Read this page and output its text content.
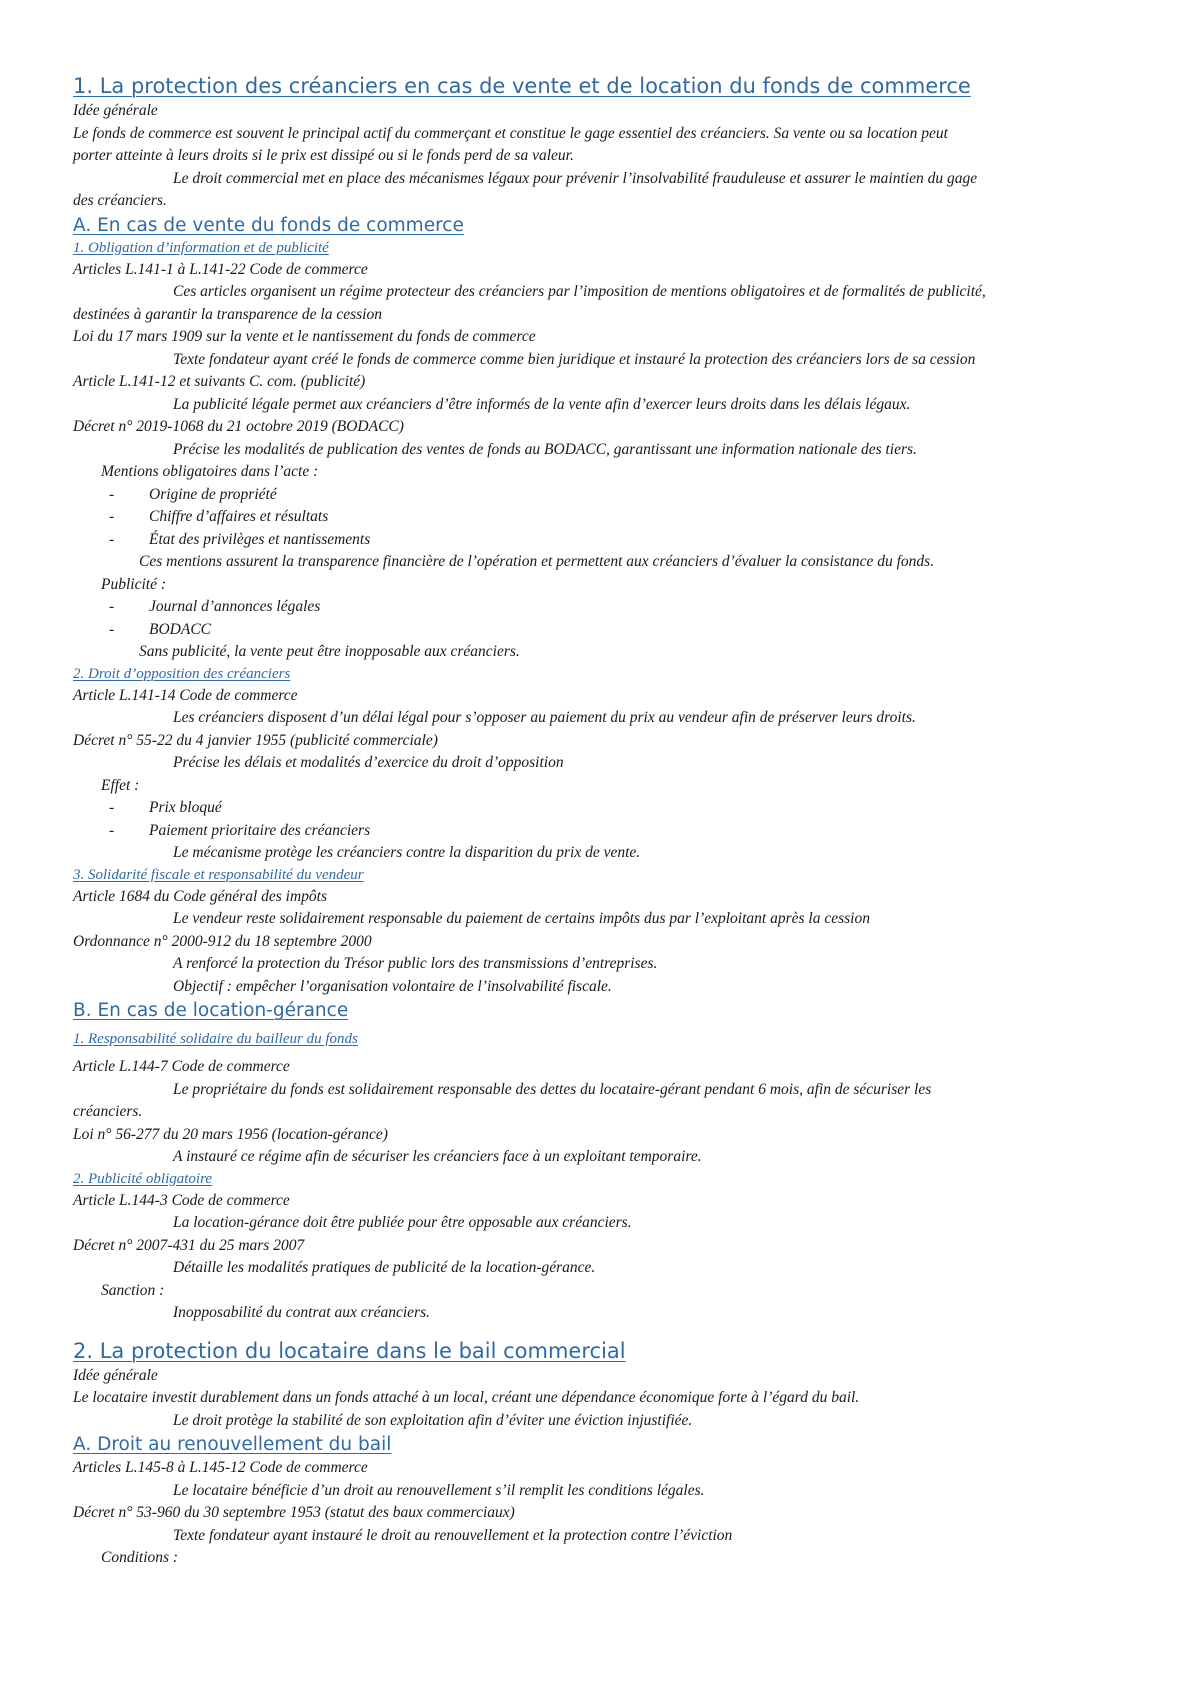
1. La protection des créanciers en cas de vente et de location du fonds de commerce
Idée générale
Le fonds de commerce est souvent le principal actif du commerçant et constitue le gage essentiel des créanciers. Sa vente ou sa location peut
porter atteinte à leurs droits si le prix est dissipé ou si le fonds perd de sa valeur.
Le droit commercial met en place des mécanismes légaux pour prévenir l’insolvabilité frauduleuse et assurer le maintien du gage
des créanciers.
A. En cas de vente du fonds de commerce
1. Obligation d’information et de publicité
Articles L.141-1 à L.141-22 Code de commerce
Ces articles organisent un régime protecteur des créanciers par l’imposition de mentions obligatoires et de formalités de publicité,
destinées à garantir la transparence de la cession
Loi du 17 mars 1909 sur la vente et le nantissement du fonds de commerce
Texte fondateur ayant créé le fonds de commerce comme bien juridique et instauré la protection des créanciers lors de sa cession
Article L.141-12 et suivants C. com. (publicité)
La publicité légale permet aux créanciers d’être informés de la vente afin d’exercer leurs droits dans les délais légaux.
Décret n° 2019-1068 du 21 octobre 2019 (BODACC)
Précise les modalités de publication des ventes de fonds au BODACC, garantissant une information nationale des tiers.
Mentions obligatoires dans l’acte :
- Origine de propriété
- Chiffre d’affaires et résultats
- État des privilèges et nantissements
Ces mentions assurent la transparence financière de l’opération et permettent aux créanciers d’évaluer la consistance du fonds.
Publicité :
- Journal d’annonces légales
- BODACC
Sans publicité, la vente peut être inopposable aux créanciers.
2. Droit d’opposition des créanciers
Article L.141-14 Code de commerce
Les créanciers disposent d’un délai légal pour s’opposer au paiement du prix au vendeur afin de préserver leurs droits.
Décret n° 55-22 du 4 janvier 1955 (publicité commerciale)
Précise les délais et modalités d’exercice du droit d’opposition
Effet :
- Prix bloqué
- Paiement prioritaire des créanciers
Le mécanisme protège les créanciers contre la disparition du prix de vente.
3. Solidarité fiscale et responsabilité du vendeur
Article 1684 du Code général des impôts
Le vendeur reste solidairement responsable du paiement de certains impôts dus par l’exploitant après la cession
Ordonnance n° 2000-912 du 18 septembre 2000
A renforcé la protection du Trésor public lors des transmissions d’entreprises.
Objectif : empêcher l’organisation volontaire de l’insolvabilité fiscale.
B. En cas de location-gérance
1. Responsabilité solidaire du bailleur du fonds
Article L.144-7 Code de commerce
Le propriétaire du fonds est solidairement responsable des dettes du locataire-gérant pendant 6 mois, afin de sécuriser les
créanciers.
Loi n° 56-277 du 20 mars 1956 (location-gérance)
A instauré ce régime afin de sécuriser les créanciers face à un exploitant temporaire.
2. Publicité obligatoire
Article L.144-3 Code de commerce
La location-gérance doit être publiée pour être opposable aux créanciers.
Décret n° 2007-431 du 25 mars 2007
Détaille les modalités pratiques de publicité de la location-gérance.
Sanction :
Inopposabilité du contrat aux créanciers.
2. La protection du locataire dans le bail commercial
Idée générale
Le locataire investit durablement dans un fonds attaché à un local, créant une dépendance économique forte à l’égard du bail.
Le droit protège la stabilité de son exploitation afin d’éviter une éviction injustifiée.
A. Droit au renouvellement du bail
Articles L.145-8 à L.145-12 Code de commerce
Le locataire bénéficie d’un droit au renouvellement s’il remplit les conditions légales.
Décret n° 53-960 du 30 septembre 1953 (statut des baux commerciaux)
Texte fondateur ayant instauré le droit au renouvellement et la protection contre l’éviction
Conditions :
